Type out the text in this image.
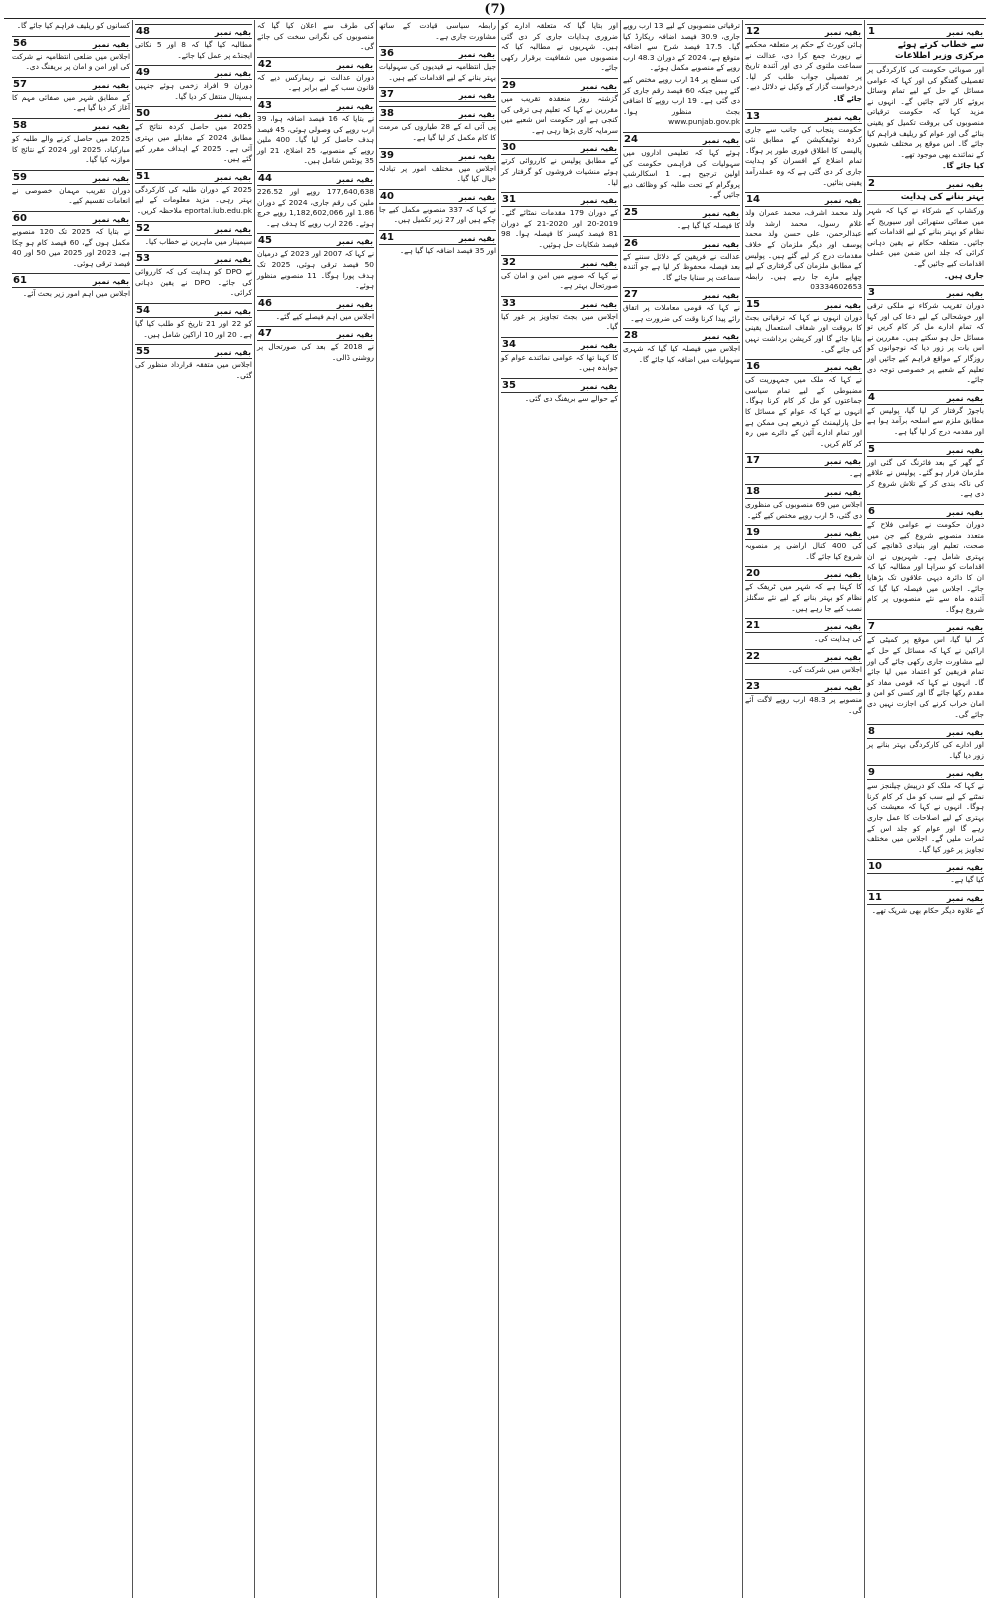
(7)
بقیہ نمبر
1
سے خطاب کرتے ہوئے مرکزی وزیر اطلاعات
اور صوبائی حکومت کی کارکردگی پر تفصیلی گفتگو کی اور کہا کہ عوامی مسائل کے حل کے لیے تمام وسائل بروئے کار لائے جائیں گے۔ انہوں نے مزید کہا کہ حکومت ترقیاتی منصوبوں کی بروقت تکمیل کو یقینی بنائے گی اور عوام کو ریلیف فراہم کیا جائے گا۔ اس موقع پر مختلف شعبوں کے نمائندے بھی موجود تھے۔
کیا جائے گا۔
بقیہ نمبر
2
بہتر بنانے کی ہدایت
ورکشاپ کے شرکاء نے کہا کہ شہر میں صفائی ستھرائی اور سیوریج کے نظام کو بہتر بنانے کے لیے اقدامات کیے جائیں۔ متعلقہ حکام نے یقین دہانی کرائی کہ جلد اس ضمن میں عملی اقدامات کیے جائیں گے۔
جاری ہیں۔
بقیہ نمبر
3
دوران تقریب شرکاء نے ملکی ترقی اور خوشحالی کے لیے دعا کی اور کہا کہ تمام ادارے مل کر کام کریں تو مسائل حل ہو سکتے ہیں۔ مقررین نے اس بات پر زور دیا کہ نوجوانوں کو روزگار کے مواقع فراہم کیے جائیں اور تعلیم کے شعبے پر خصوصی توجہ دی جائے۔
بقیہ نمبر
4
باجوڑ گرفتار کر لیا گیا، پولیس کے مطابق ملزم سے اسلحہ برآمد ہوا ہے اور مقدمہ درج کر لیا گیا ہے۔
بقیہ نمبر
5
کے گھر کے بعد فائرنگ کی گئی اور ملزمان فرار ہو گئے۔ پولیس نے علاقے کی ناکہ بندی کر کے تلاش شروع کر دی ہے۔
بقیہ نمبر
6
دوران حکومت نے عوامی فلاح کے متعدد منصوبے شروع کیے جن میں صحت، تعلیم اور بنیادی ڈھانچے کی بہتری شامل ہے۔ شہریوں نے ان اقدامات کو سراہا اور مطالبہ کیا کہ ان کا دائرہ دیہی علاقوں تک بڑھایا جائے۔ اجلاس میں فیصلہ کیا گیا کہ آئندہ ماہ سے نئے منصوبوں پر کام شروع ہوگا۔
بقیہ نمبر
7
کر لیا گیا، اس موقع پر کمیٹی کے اراکین نے کہا کہ مسائل کے حل کے لیے مشاورت جاری رکھی جائے گی اور تمام فریقین کو اعتماد میں لیا جائے گا۔ انہوں نے کہا کہ قومی مفاد کو مقدم رکھا جائے گا اور کسی کو امن و امان خراب کرنے کی اجازت نہیں دی جائے گی۔
بقیہ نمبر
8
اور ادارے کی کارکردگی بہتر بنانے پر زور دیا گیا۔
بقیہ نمبر
9
نے کہا کہ ملک کو درپیش چیلنجز سے نمٹنے کے لیے سب کو مل کر کام کرنا ہوگا۔ انہوں نے کہا کہ معیشت کی بہتری کے لیے اصلاحات کا عمل جاری رہے گا اور عوام کو جلد اس کے ثمرات ملیں گے۔ اجلاس میں مختلف تجاویز پر غور کیا گیا۔
بقیہ نمبر
10
کیا گیا ہے۔
بقیہ نمبر
11
کے علاوہ دیگر حکام بھی شریک تھے۔
بقیہ نمبر
12
ہائی کورٹ کے حکم پر متعلقہ محکمے نے رپورٹ جمع کرا دی، عدالت نے سماعت ملتوی کر دی اور آئندہ تاریخ پر تفصیلی جواب طلب کر لیا۔ درخواست گزار کے وکیل نے دلائل دیے۔
جائے گا۔
بقیہ نمبر
13
حکومت پنجاب کی جانب سے جاری کردہ نوٹیفکیشن کے مطابق نئی پالیسی کا اطلاق فوری طور پر ہوگا۔ تمام اضلاع کے افسران کو ہدایت جاری کر دی گئی ہے کہ وہ عملدرآمد یقینی بنائیں۔
بقیہ نمبر
14
ولد محمد اشرف، محمد عمران ولد غلام رسول، محمد ارشد ولد عبدالرحمن، علی حسن ولد محمد یوسف اور دیگر ملزمان کے خلاف مقدمات درج کر لیے گئے ہیں۔ پولیس کے مطابق ملزمان کی گرفتاری کے لیے چھاپے مارے جا رہے ہیں۔ رابطہ 03334602653
بقیہ نمبر
15
دوران انہوں نے کہا کہ ترقیاتی بجٹ کا بروقت اور شفاف استعمال یقینی بنایا جائے گا اور کرپشن برداشت نہیں کی جائے گی۔
بقیہ نمبر
16
نے کہا کہ ملک میں جمہوریت کی مضبوطی کے لیے تمام سیاسی جماعتوں کو مل کر کام کرنا ہوگا۔ انہوں نے کہا کہ عوام کے مسائل کا حل پارلیمنٹ کے ذریعے ہی ممکن ہے اور تمام ادارے آئین کے دائرے میں رہ کر کام کریں۔
بقیہ نمبر
17
ہے۔
بقیہ نمبر
18
اجلاس میں 69 منصوبوں کی منظوری دی گئی، 5 ارب روپے مختص کیے گئے۔
بقیہ نمبر
19
کی 400 کنال اراضی پر منصوبہ شروع کیا جائے گا۔
بقیہ نمبر
20
کا کہنا ہے کہ شہر میں ٹریفک کے نظام کو بہتر بنانے کے لیے نئے سگنلز نصب کیے جا رہے ہیں۔
بقیہ نمبر
21
کی ہدایت کی۔
بقیہ نمبر
22
اجلاس میں شرکت کی۔
بقیہ نمبر
23
منصوبے پر 48.3 ارب روپے لاگت آئے گی۔
ترقیاتی منصوبوں کے لیے 13 ارب روپے جاری، 30.9 فیصد اضافہ ریکارڈ کیا گیا۔ 17.5 فیصد شرح سے اضافہ متوقع ہے، 2024 کے دوران 48.3 ارب روپے کے منصوبے مکمل ہوئے۔
کی سطح پر 14 ارب روپے مختص کیے گئے ہیں جبکہ 60 فیصد رقم جاری کر دی گئی ہے۔ 19 ارب روپے کا اضافی بجٹ منظور ہوا۔ www.punjab.gov.pk
بقیہ نمبر
24
ہوئے کہا کہ تعلیمی اداروں میں سہولیات کی فراہمی حکومت کی اولین ترجیح ہے۔ 1 اسکالرشپ پروگرام کے تحت طلبہ کو وظائف دیے جائیں گے۔
بقیہ نمبر
25
کا فیصلہ کیا گیا ہے۔
بقیہ نمبر
26
عدالت نے فریقین کے دلائل سننے کے بعد فیصلہ محفوظ کر لیا ہے جو آئندہ سماعت پر سنایا جائے گا۔
بقیہ نمبر
27
نے کہا کہ قومی معاملات پر اتفاق رائے پیدا کرنا وقت کی ضرورت ہے۔
بقیہ نمبر
28
اجلاس میں فیصلہ کیا گیا کہ شہری سہولیات میں اضافہ کیا جائے گا۔
اور بتایا گیا کہ متعلقہ ادارے کو ضروری ہدایات جاری کر دی گئی ہیں۔ شہریوں نے مطالبہ کیا کہ منصوبوں میں شفافیت برقرار رکھی جائے۔
بقیہ نمبر
29
گزشتہ روز منعقدہ تقریب میں مقررین نے کہا کہ تعلیم ہی ترقی کی کنجی ہے اور حکومت اس شعبے میں سرمایہ کاری بڑھا رہی ہے۔
بقیہ نمبر
30
کے مطابق پولیس نے کارروائی کرتے ہوئے منشیات فروشوں کو گرفتار کر لیا۔
بقیہ نمبر
31
کے دوران 179 مقدمات نمٹائے گئے۔ 2019-20 اور 2020-21 کے دوران 81 فیصد کیسز کا فیصلہ ہوا۔ 98 فیصد شکایات حل ہوئیں۔
بقیہ نمبر
32
نے کہا کہ صوبے میں امن و امان کی صورتحال بہتر ہے۔
بقیہ نمبر
33
اجلاس میں بجٹ تجاویز پر غور کیا گیا۔
بقیہ نمبر
34
کا کہنا تھا کہ عوامی نمائندے عوام کو جوابدہ ہیں۔
بقیہ نمبر
35
کے حوالے سے بریفنگ دی گئی۔
رابطہ سیاسی قیادت کے ساتھ مشاورت جاری ہے۔
بقیہ نمبر
36
جیل انتظامیہ نے قیدیوں کی سہولیات بہتر بنانے کے لیے اقدامات کیے ہیں۔
بقیہ نمبر
37
بقیہ نمبر
38
پی آئی اے کے 28 طیاروں کی مرمت کا کام مکمل کر لیا گیا ہے۔
بقیہ نمبر
39
اجلاس میں مختلف امور پر تبادلہ خیال کیا گیا۔
بقیہ نمبر
40
نے کہا کہ 337 منصوبے مکمل کیے جا چکے ہیں اور 27 زیر تکمیل ہیں۔
بقیہ نمبر
41
اور 35 فیصد اضافہ کیا گیا ہے۔
کی طرف سے اعلان کیا گیا کہ منصوبوں کی نگرانی سخت کی جائے گی۔
بقیہ نمبر
42
دوران عدالت نے ریمارکس دیے کہ قانون سب کے لیے برابر ہے۔
بقیہ نمبر
43
نے بتایا کہ 16 فیصد اضافہ ہوا، 39 ارب روپے کی وصولی ہوئی، 45 فیصد ہدف حاصل کر لیا گیا۔ 400 ملین روپے کے منصوبے، 25 اضلاع، 21 اور 35 یونٹس شامل ہیں۔
بقیہ نمبر
44
177,640,638 روپے اور 226.52 ملین کی رقم جاری، 2024 کے دوران 1.86 اور 1,182,602,066 روپے خرچ ہوئے۔ 226 ارب روپے کا ہدف ہے۔
بقیہ نمبر
45
نے کہا کہ 2007 اور 2023 کے درمیان 50 فیصد ترقی ہوئی، 2025 تک ہدف پورا ہوگا۔ 11 منصوبے منظور ہوئے۔
بقیہ نمبر
46
اجلاس میں اہم فیصلے کیے گئے۔
بقیہ نمبر
47
نے 2018 کے بعد کی صورتحال پر روشنی ڈالی۔
بقیہ نمبر
48
مطالبہ کیا گیا کہ 8 اور 5 نکاتی ایجنڈے پر عمل کیا جائے۔
بقیہ نمبر
49
دوران 9 افراد زخمی ہوئے جنہیں ہسپتال منتقل کر دیا گیا۔
بقیہ نمبر
50
2025 میں حاصل کردہ نتائج کے مطابق 2024 کے مقابلے میں بہتری آئی ہے۔ 2025 کے اہداف مقرر کیے گئے ہیں۔
بقیہ نمبر
51
2025 کے دوران طلبہ کی کارکردگی بہتر رہی۔ مزید معلومات کے لیے eportal.iub.edu.pk ملاحظہ کریں۔
بقیہ نمبر
52
سیمینار میں ماہرین نے خطاب کیا۔
بقیہ نمبر
53
نے DPO کو ہدایت کی کہ کارروائی کی جائے۔ DPO نے یقین دہانی کرائی۔
بقیہ نمبر
54
کو 22 اور 21 تاریخ کو طلب کیا گیا ہے۔ 20 اور 10 اراکین شامل ہیں۔
بقیہ نمبر
55
اجلاس میں متفقہ قرارداد منظور کی گئی۔
کسانوں کو ریلیف فراہم کیا جائے گا۔
بقیہ نمبر
56
اجلاس میں ضلعی انتظامیہ نے شرکت کی اور امن و امان پر بریفنگ دی۔
بقیہ نمبر
57
کے مطابق شہر میں صفائی مہم کا آغاز کر دیا گیا ہے۔
بقیہ نمبر
58
2025 میں حاصل کرنے والے طلبہ کو مبارکباد، 2025 اور 2024 کے نتائج کا موازنہ کیا گیا۔
بقیہ نمبر
59
دوران تقریب مہمان خصوصی نے انعامات تقسیم کیے۔
بقیہ نمبر
60
نے بتایا کہ 2025 تک 120 منصوبے مکمل ہوں گے، 60 فیصد کام ہو چکا ہے، 2023 اور 2025 میں 50 اور 40 فیصد ترقی ہوئی۔
بقیہ نمبر
61
اجلاس میں اہم امور زیر بحث آئے۔
